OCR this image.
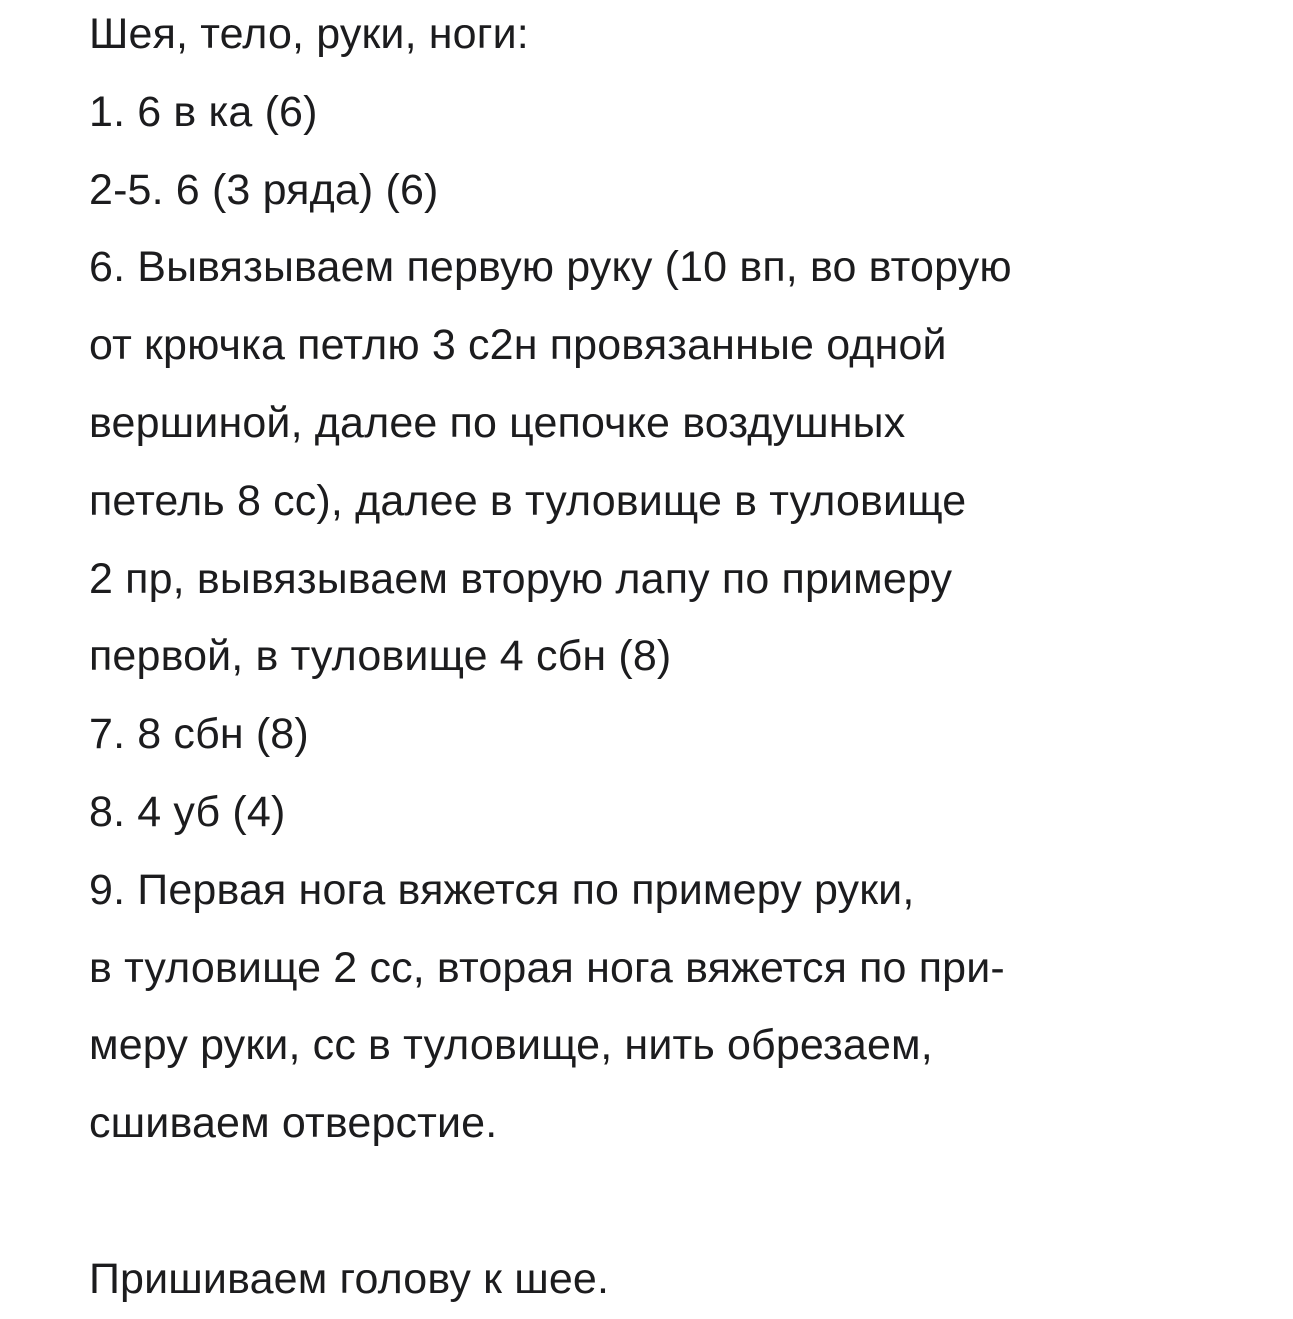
Шея, тело, руки, ноги:

1. 6 в ка (6)

2-5. 6 (3 ряда) (6)

6. Вывязываем первую руку (10 вп, во вторую

от крючка петлю 3 с2н провязанные одной

вершиной, далее по цепочке воздушных

петель 8 сс), далее в туловище в туловище

2 пр, вывязываем вторую лапу по примеру

первой, в туловище 4 сбн (8)

7. 8 сбн (8)

8. 4 уб (4)

9. Первая нога вяжется по примеру руки,

в туловище 2 сс, вторая нога вяжется по при-

меру руки, сс в туловище, нить обрезаем,

сшиваем отверстие.

Пришиваем голову к шее.
